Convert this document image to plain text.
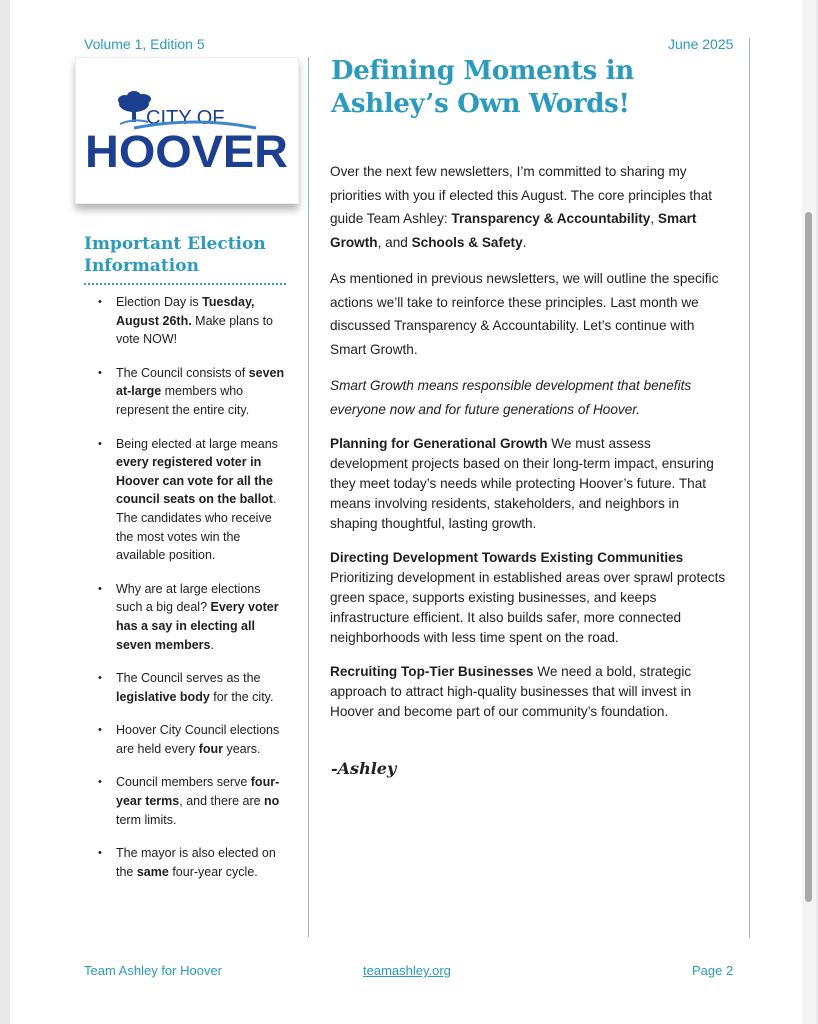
Volume 1, Edition 5	June 2025
CITY OF
HOOVER
Important Election Information
• Election Day is Tuesday, August 26th. Make plans to vote NOW!
• The Council consists of seven at-large members who represent the entire city.
• Being elected at large means every registered voter in Hoover can vote for all the council seats on the ballot. The candidates who receive the most votes win the available position.
• Why are at large elections such a big deal? Every voter has a say in electing all seven members.
• The Council serves as the legislative body for the city.
• Hoover City Council elections are held every four years.
• Council members serve four-year terms, and there are no term limits.
• The mayor is also elected on the same four-year cycle.
Defining Moments in
Ashley’s Own Words!

Over the next few newsletters, I’m committed to sharing my priorities with you if elected this August. The core principles that guide Team Ashley: Transparency & Accountability, Smart Growth, and Schools & Safety.

As mentioned in previous newsletters, we will outline the specific actions we’ll take to reinforce these principles. Last month we discussed Transparency & Accountability. Let’s continue with Smart Growth.

Smart Growth means responsible development that benefits everyone now and for future generations of Hoover.

Planning for Generational Growth We must assess development projects based on their long-term impact, ensuring they meet today’s needs while protecting Hoover’s future. That means involving residents, stakeholders, and neighbors in shaping thoughtful, lasting growth.

Directing Development Towards Existing Communities
Prioritizing development in established areas over sprawl protects green space, supports existing businesses, and keeps infrastructure efficient. It also builds safer, more connected neighborhoods with less time spent on the road.

Recruiting Top-Tier Businesses We need a bold, strategic approach to attract high-quality businesses that will invest in Hoover and become part of our community’s foundation.

-Ashley
Team Ashley for Hoover	teamashley.org	Page 2
